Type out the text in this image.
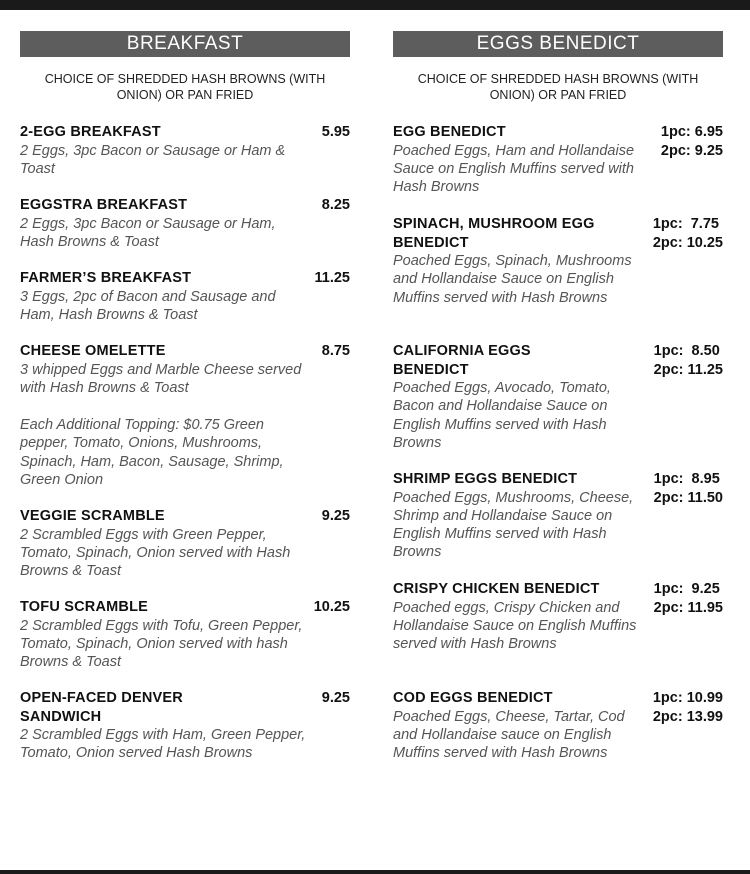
BREAKFAST
CHOICE OF SHREDDED HASH BROWNS (WITH ONION) OR PAN FRIED
2-EGG BREAKFAST	5.95
2 Eggs, 3pc Bacon or Sausage or Ham & Toast
EGGSTRA BREAKFAST	8.25
2 Eggs, 3pc Bacon or Sausage or Ham, Hash Browns & Toast
FARMER’S BREAKFAST	11.25
3 Eggs, 2pc of Bacon and Sausage and Ham, Hash Browns & Toast
CHEESE OMELETTE	8.75
3 whipped Eggs and Marble Cheese served with Hash Browns & Toast
Each Additional Topping: $0.75 Green pepper, Tomato, Onions, Mushrooms, Spinach, Ham, Bacon, Sausage, Shrimp, Green Onion
VEGGIE SCRAMBLE	9.25
2 Scrambled Eggs with Green Pepper, Tomato, Spinach, Onion served with Hash Browns & Toast
TOFU SCRAMBLE	10.25
2 Scrambled Eggs with Tofu, Green Pepper, Tomato, Spinach, Onion served with hash Browns & Toast
OPEN-FACED DENVER SANDWICH
9.25
2 Scrambled Eggs with Ham, Green Pepper, Tomato, Onion served Hash Browns
EGGS BENEDICT
CHOICE OF SHREDDED HASH BROWNS (WITH ONION) OR PAN FRIED
EGG BENEDICT
Poached Eggs, Ham and Hollandaise Sauce on English Muffins served with Hash Browns
1pc: 6.95
2pc: 9.25
SPINACH, MUSHROOM EGG BENEDICT
Poached Eggs, Spinach, Mushrooms and Hollandaise Sauce on English Muffins served with Hash Browns
1pc:  7.75
2pc: 10.25
CALIFORNIA EGGS BENEDICT
Poached Eggs, Avocado, Tomato, Bacon and Hollandaise Sauce on English Muffins served with Hash Browns
1pc:  8.50
2pc: 11.25
SHRIMP EGGS BENEDICT
Poached Eggs, Mushrooms, Cheese, Shrimp and Hollandaise Sauce on English Muffins served with Hash Browns
1pc:  8.95
2pc: 11.50
CRISPY CHICKEN BENEDICT
Poached eggs, Crispy Chicken and Hollandaise Sauce on English Muffins served with Hash Browns
1pc:  9.25
2pc: 11.95
COD EGGS BENEDICT
Poached Eggs, Cheese, Tartar, Cod and Hollandaise sauce on English Muffins served with Hash Browns
1pc: 10.99
2pc: 13.99
